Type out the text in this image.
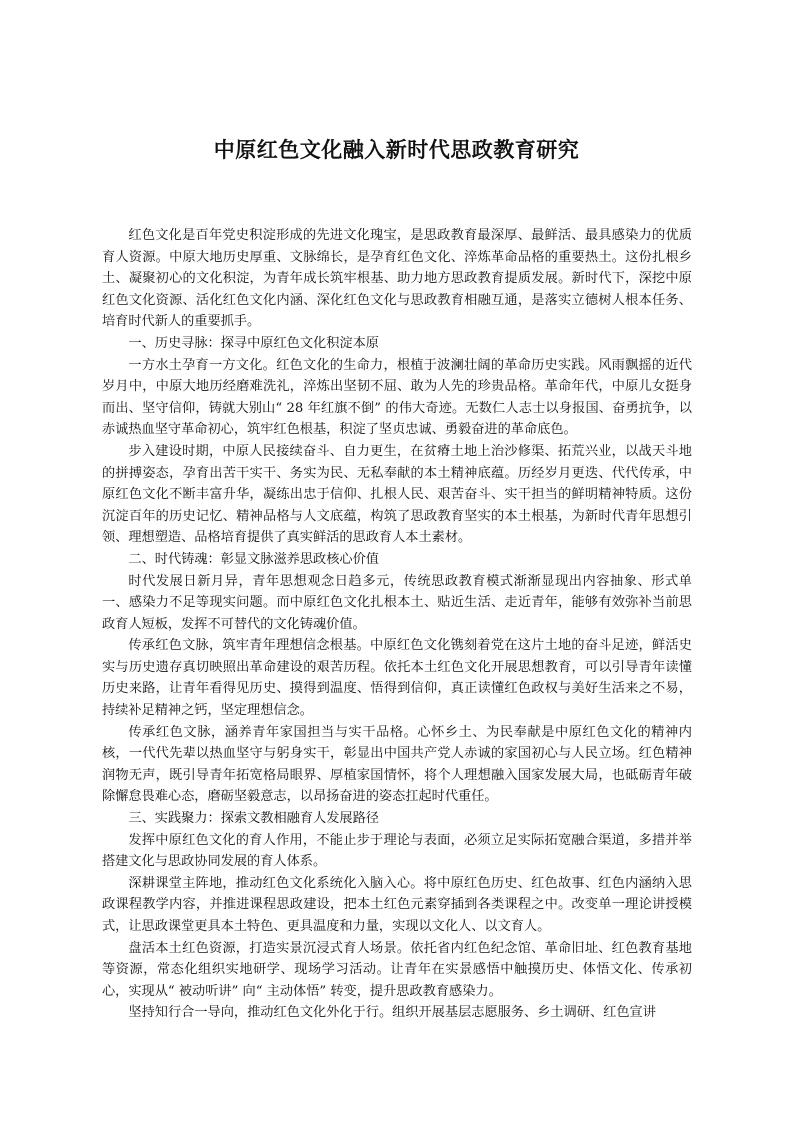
中原红色文化融入新时代思政教育研究

红色文化是百年党史积淀形成的先进文化瑰宝，是思政教育最深厚、最鲜活、最具感染力的优质育人资源。中原大地历史厚重、文脉绵长，是孕育红色文化、淬炼革命品格的重要热土。这份扎根乡土、凝聚初心的文化积淀，为青年成长筑牢根基、助力地方思政教育提质发展。新时代下，深挖中原红色文化资源、活化红色文化内涵、深化红色文化与思政教育相融互通，是落实立德树人根本任务、培育时代新人的重要抓手。

一、历史寻脉：探寻中原红色文化积淀本原

一方水土孕育一方文化。红色文化的生命力，根植于波澜壮阔的革命历史实践。风雨飘摇的近代岁月中，中原大地历经磨难洗礼，淬炼出坚韧不屈、敢为人先的珍贵品格。革命年代，中原儿女挺身而出、坚守信仰，铸就大别山“ 28 年红旗不倒” 的伟大奇迹。无数仁人志士以身报国、奋勇抗争，以赤诚热血坚守革命初心，筑牢红色根基，积淀了坚贞忠诚、勇毅奋进的革命底色。

步入建设时期，中原人民接续奋斗、自力更生，在贫瘠土地上治沙修渠、拓荒兴业，以战天斗地的拼搏姿态，孕育出苦干实干、务实为民、无私奉献的本土精神底蕴。历经岁月更迭、代代传承，中原红色文化不断丰富升华，凝练出忠于信仰、扎根人民、艰苦奋斗、实干担当的鲜明精神特质。这份沉淀百年的历史记忆、精神品格与人文底蕴，构筑了思政教育坚实的本土根基，为新时代青年思想引领、理想塑造、品格培育提供了真实鲜活的思政育人本土素材。

二、时代铸魂：彰显文脉滋养思政核心价值

时代发展日新月异，青年思想观念日趋多元，传统思政教育模式渐渐显现出内容抽象、形式单一、感染力不足等现实问题。而中原红色文化扎根本土、贴近生活、走近青年，能够有效弥补当前思政育人短板，发挥不可替代的文化铸魂价值。

传承红色文脉，筑牢青年理想信念根基。中原红色文化镌刻着党在这片土地的奋斗足迹，鲜活史实与历史遗存真切映照出革命建设的艰苦历程。依托本土红色文化开展思想教育，可以引导青年读懂历史来路，让青年看得见历史、摸得到温度、悟得到信仰，真正读懂红色政权与美好生活来之不易，持续补足精神之钙，坚定理想信念。

传承红色文脉，涵养青年家国担当与实干品格。心怀乡土、为民奉献是中原红色文化的精神内核，一代代先辈以热血坚守与躬身实干，彰显出中国共产党人赤诚的家国初心与人民立场。红色精神润物无声，既引导青年拓宽格局眼界、厚植家国情怀，将个人理想融入国家发展大局，也砥砺青年破除懈怠畏难心态，磨砺坚毅意志，以昂扬奋进的姿态扛起时代重任。

三、实践聚力：探索文教相融育人发展路径

发挥中原红色文化的育人作用，不能止步于理论与表面，必须立足实际拓宽融合渠道，多措并举搭建文化与思政协同发展的育人体系。

深耕课堂主阵地，推动红色文化系统化入脑入心。将中原红色历史、红色故事、红色内涵纳入思政课程教学内容，并推进课程思政建设，把本土红色元素穿插到各类课程之中。改变单一理论讲授模式，让思政课堂更具本土特色、更具温度和力量，实现以文化人、以文育人。

盘活本土红色资源，打造实景沉浸式育人场景。依托省内红色纪念馆、革命旧址、红色教育基地等资源，常态化组织实地研学、现场学习活动。让青年在实景感悟中触摸历史、体悟文化、传承初心，实现从“ 被动听讲” 向“ 主动体悟” 转变，提升思政教育感染力。

坚持知行合一导向，推动红色文化外化于行。组织开展基层志愿服务、乡土调研、红色宣讲
